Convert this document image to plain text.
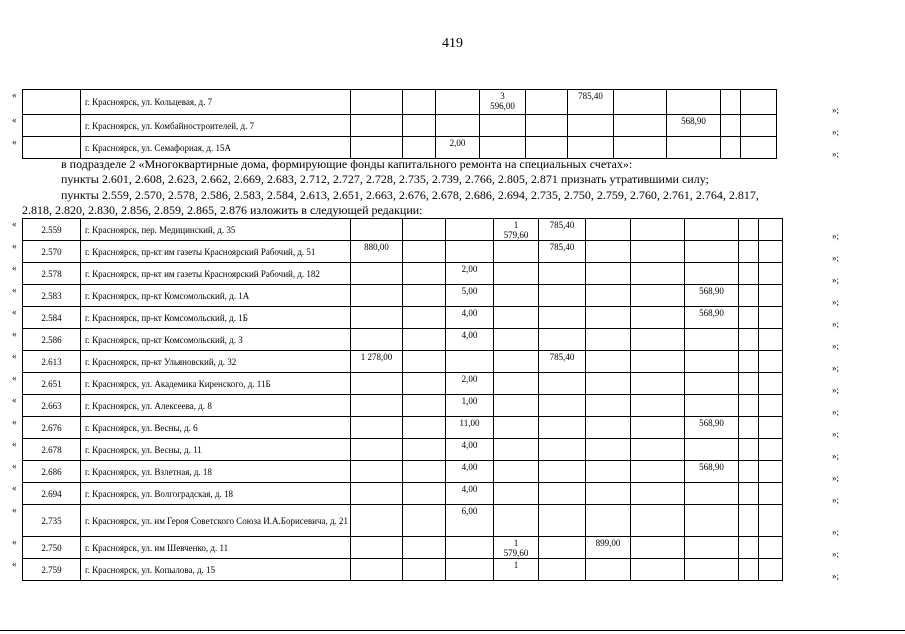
419
	г. Красноярск, ул. Кольцевая, д. 7				3
596,00		785,40				
	г. Красноярск, ул. Комбайностроителей, д. 7								568,90		
	г. Красноярск, ул. Семафорная, д. 15А			2,00							
в подразделе 2 «Многоквартирные дома, формирующие фонды капитального ремонта на специальных счетах»:
пункты 2.601, 2.608, 2.623, 2.662, 2.669, 2.683, 2.712, 2.727, 2.728, 2.735, 2.739, 2.766, 2.805, 2.871 признать утратившими силу;
пункты 2.559, 2.570, 2.578, 2.586, 2.583, 2.584, 2.613, 2.651, 2.663, 2.676, 2.678, 2.686, 2.694, 2.735, 2.750, 2.759, 2.760, 2.761, 2.764, 2.817,
2.818, 2.820, 2.830, 2.856, 2.859, 2.865, 2.876 изложить в следующей редакции:
2.559	г. Красноярск, пер. Медицинский, д. 35				1
579,60	785,40					
2.570	г. Красноярск, пр-кт им газеты Красноярский Рабочий, д. 51	880,00				785,40					
2.578	г. Красноярск, пр-кт им газеты Красноярский Рабочий, д. 182			2,00							
2.583	г. Красноярск, пр-кт Комсомольский, д. 1А			5,00					568,90		
2.584	г. Красноярск, пр-кт Комсомольский, д. 1Б			4,00					568,90		
2.586	г. Красноярск, пр-кт Комсомольский, д. 3			4,00							
2.613	г. Красноярск, пр-кт Ульяновский, д. 32	1 278,00				785,40					
2.651	г. Красноярск, ул. Академика Киренского, д. 11Б			2,00							
2.663	г. Красноярск, ул. Алексеева, д. 8			1,00							
2.676	г. Красноярск, ул. Весны, д. 6			11,00					568,90		
2.678	г. Красноярск, ул. Весны, д. 11			4,00							
2.686	г. Красноярск, ул. Взлетная, д. 18			4,00					568,90		
2.694	г. Красноярск, ул. Волгоградская, д. 18			4,00							
2.735	г. Красноярск, ул. им Героя Советского Союза И.А.Борисевича, д. 21			6,00							
2.750	г. Красноярск, ул. им Шевченко, д. 11				1
579,60		899,00				
2.759	г. Красноярск, ул. Копылова, д. 15				1						
«
»;
«
»;
«
»;
«
»;
«
»;
«
»;
«
»;
«
»;
«
»;
«
»;
«
»;
«
»;
«
»;
«
»;
«
»;
«
»;
«
»;
«
»;
«
»;
